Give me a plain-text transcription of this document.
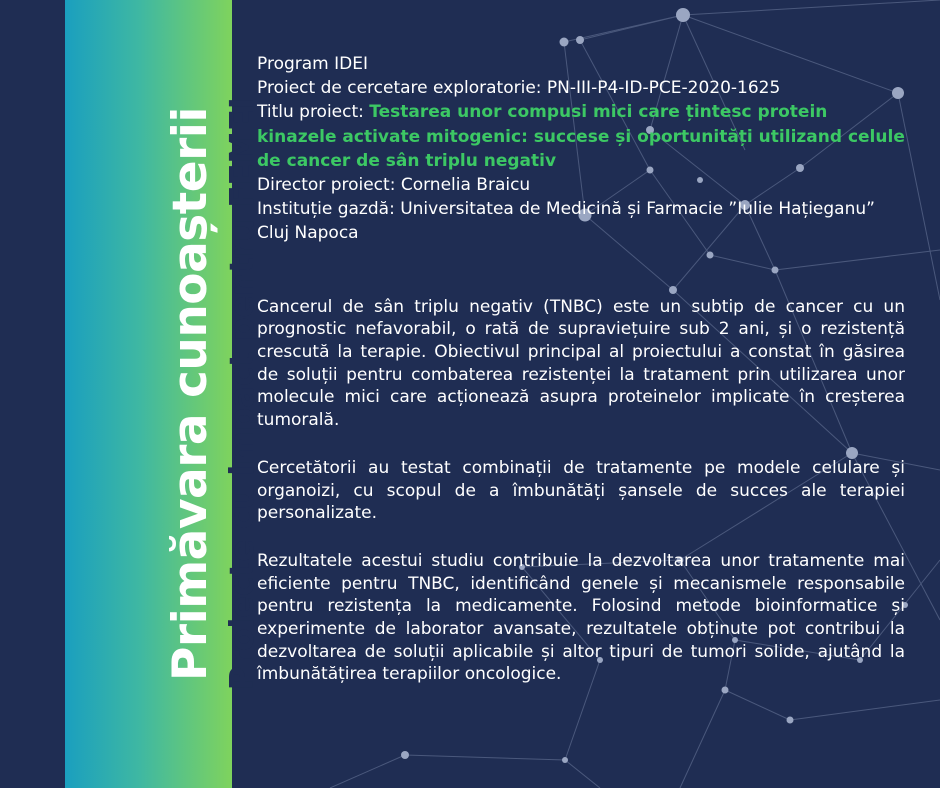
Primăvara cunoașterii Proiecte cu impact pentru FEMEI
Program IDEI
Proiect de cercetare exploratorie: PN-III-P4-ID-PCE-2020-1625
Titlu proiect: Testarea unor compusi mici care țintesc protein kinazele activate mitogenic: succese și oportunități utilizand celule de cancer de sân triplu negativ
Director proiect: Cornelia Braicu
Instituție gazdă: Universitatea de Medicină și Farmacie ”Iulie Hațieganu” Cluj Napoca

Cancerul de sân triplu negativ (TNBC) este un subtip de cancer cu un prognostic nefavorabil, o rată de supraviețuire sub 2 ani, și o rezistență crescută la terapie. Obiectivul principal al proiectului a constat în găsirea de soluții pentru combaterea rezistenței la tratament prin utilizarea unor molecule mici care acționează asupra proteinelor implicate în creșterea tumorală.

Cercetătorii au testat combinații de tratamente pe modele celulare și organoizi, cu scopul de a îmbunătăți șansele de succes ale terapiei personalizate.

Rezultatele acestui studiu contribuie la dezvoltarea unor tratamente mai eficiente pentru TNBC, identificând genele și mecanismele responsabile pentru rezistența la medicamente. Folosind metode bioinformatice și experimente de laborator avansate, rezultatele obținute pot contribui la dezvoltarea de soluții aplicabile și altor tipuri de tumori solide, ajutând la îmbunătățirea terapiilor oncologice.
